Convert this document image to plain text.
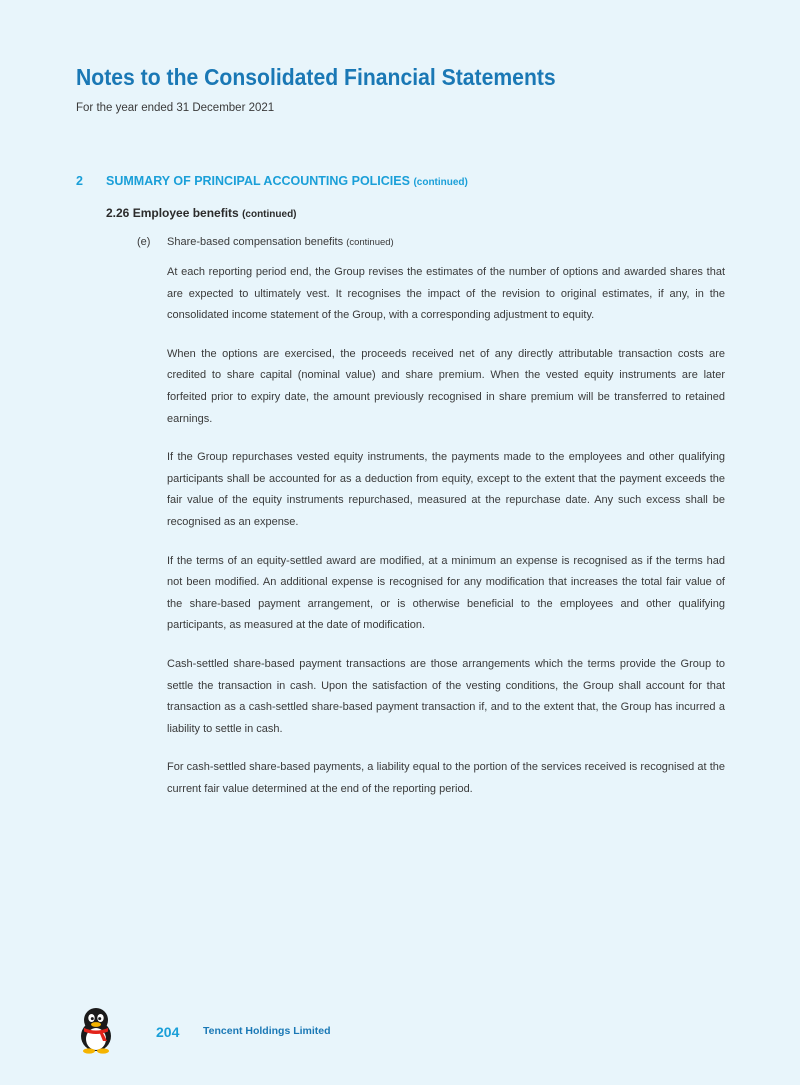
Notes to the Consolidated Financial Statements
For the year ended 31 December 2021
2 SUMMARY OF PRINCIPAL ACCOUNTING POLICIES (continued)
2.26 Employee benefits (continued)
(e) Share-based compensation benefits (continued)

At each reporting period end, the Group revises the estimates of the number of options and awarded shares that are expected to ultimately vest. It recognises the impact of the revision to original estimates, if any, in the consolidated income statement of the Group, with a corresponding adjustment to equity.

When the options are exercised, the proceeds received net of any directly attributable transaction costs are credited to share capital (nominal value) and share premium. When the vested equity instruments are later forfeited prior to expiry date, the amount previously recognised in share premium will be transferred to retained earnings.

If the Group repurchases vested equity instruments, the payments made to the employees and other qualifying participants shall be accounted for as a deduction from equity, except to the extent that the payment exceeds the fair value of the equity instruments repurchased, measured at the repurchase date. Any such excess shall be recognised as an expense.

If the terms of an equity-settled award are modified, at a minimum an expense is recognised as if the terms had not been modified. An additional expense is recognised for any modification that increases the total fair value of the share-based payment arrangement, or is otherwise beneficial to the employees and other qualifying participants, as measured at the date of modification.

Cash-settled share-based payment transactions are those arrangements which the terms provide the Group to settle the transaction in cash. Upon the satisfaction of the vesting conditions, the Group shall account for that transaction as a cash-settled share-based payment transaction if, and to the extent that, the Group has incurred a liability to settle in cash.

For cash-settled share-based payments, a liability equal to the portion of the services received is recognised at the current fair value determined at the end of the reporting period.

204 Tencent Holdings Limited
